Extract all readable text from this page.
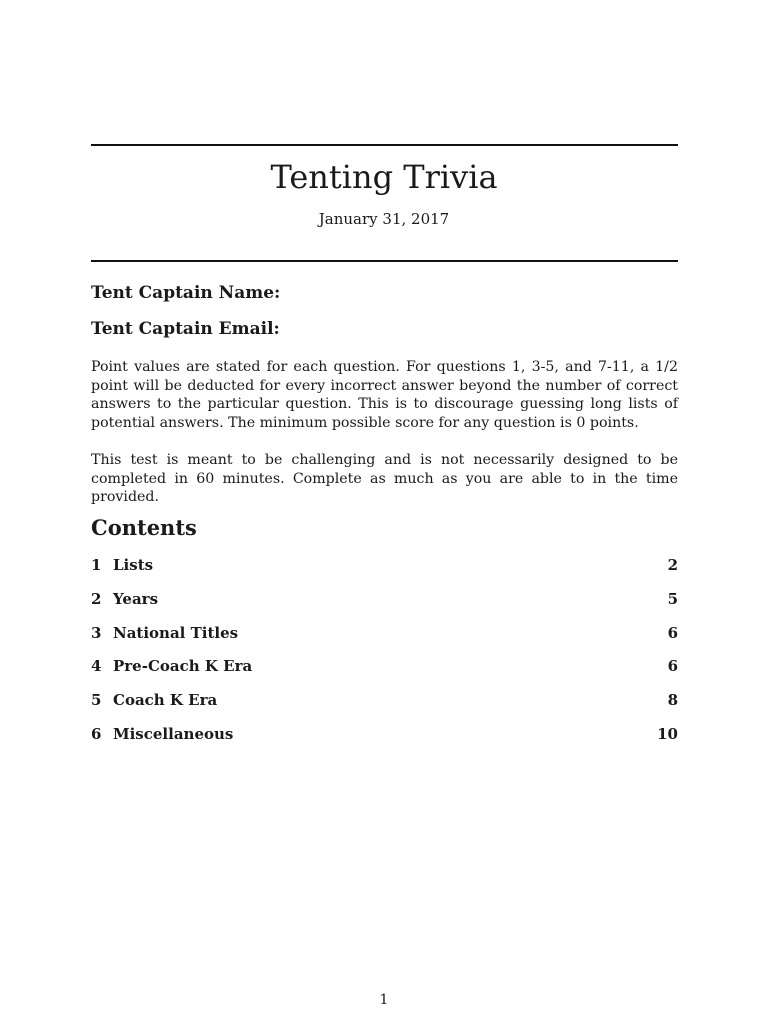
Tenting Trivia
January 31, 2017
Tent Captain Name:
Tent Captain Email:

Point values are stated for each question. For questions 1, 3-5, and 7-11, a 1/2 point will be deducted for every incorrect answer beyond the number of correct answers to the particular question. This is to discourage guessing long lists of potential answers. The minimum possible score for any question is 0 points.

This test is meant to be challenging and is not necessarily designed to be completed in 60 minutes. Complete as much as you are able to in the time provided.

Contents
1 Lists	2
2 Years	5
3 National Titles	6
4 Pre-Coach K Era	6
5 Coach K Era	8
6 Miscellaneous	10
1
